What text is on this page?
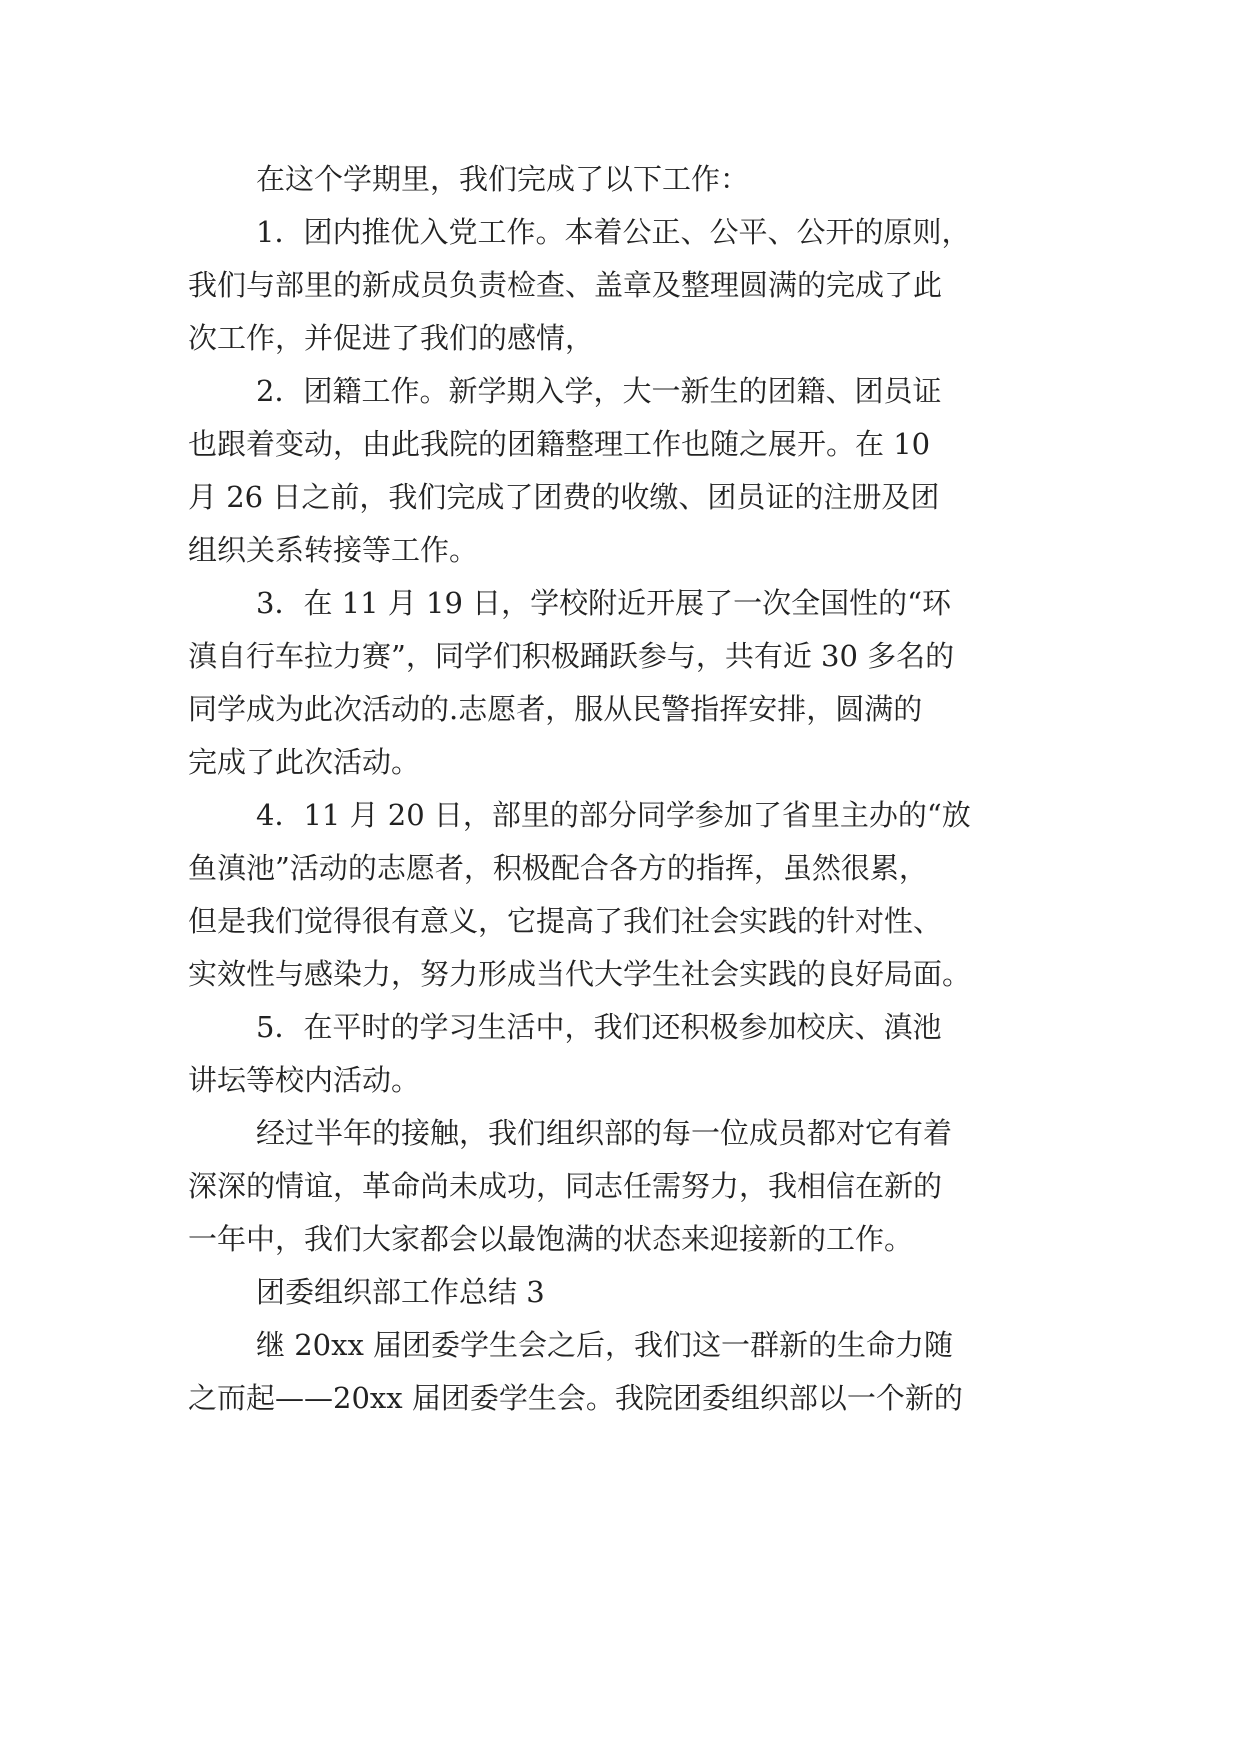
在这个学期里，我们完成了以下工作：
1．团内推优入党工作。本着公正、公平、公开的原则，
我们与部里的新成员负责检查、盖章及整理圆满的完成了此
次工作，并促进了我们的感情，
2．团籍工作。新学期入学，大一新生的团籍、团员证
也跟着变动，由此我院的团籍整理工作也随之展开。在 10
月 26 日之前，我们完成了团费的收缴、团员证的注册及团
组织关系转接等工作。
3．在 11 月 19 日，学校附近开展了一次全国性的“环
滇自行车拉力赛”，同学们积极踊跃参与，共有近 30 多名的
同学成为此次活动的.志愿者，服从民警指挥安排，圆满的
完成了此次活动。
4．11 月 20 日，部里的部分同学参加了省里主办的“放
鱼滇池”活动的志愿者，积极配合各方的指挥，虽然很累，
但是我们觉得很有意义，它提高了我们社会实践的针对性、
实效性与感染力，努力形成当代大学生社会实践的良好局面。
5．在平时的学习生活中，我们还积极参加校庆、滇池
讲坛等校内活动。
经过半年的接触，我们组织部的每一位成员都对它有着
深深的情谊，革命尚未成功，同志任需努力，我相信在新的
一年中，我们大家都会以最饱满的状态来迎接新的工作。
团委组织部工作总结 3
继 20xx 届团委学生会之后，我们这一群新的生命力随
之而起——20xx 届团委学生会。我院团委组织部以一个新的
